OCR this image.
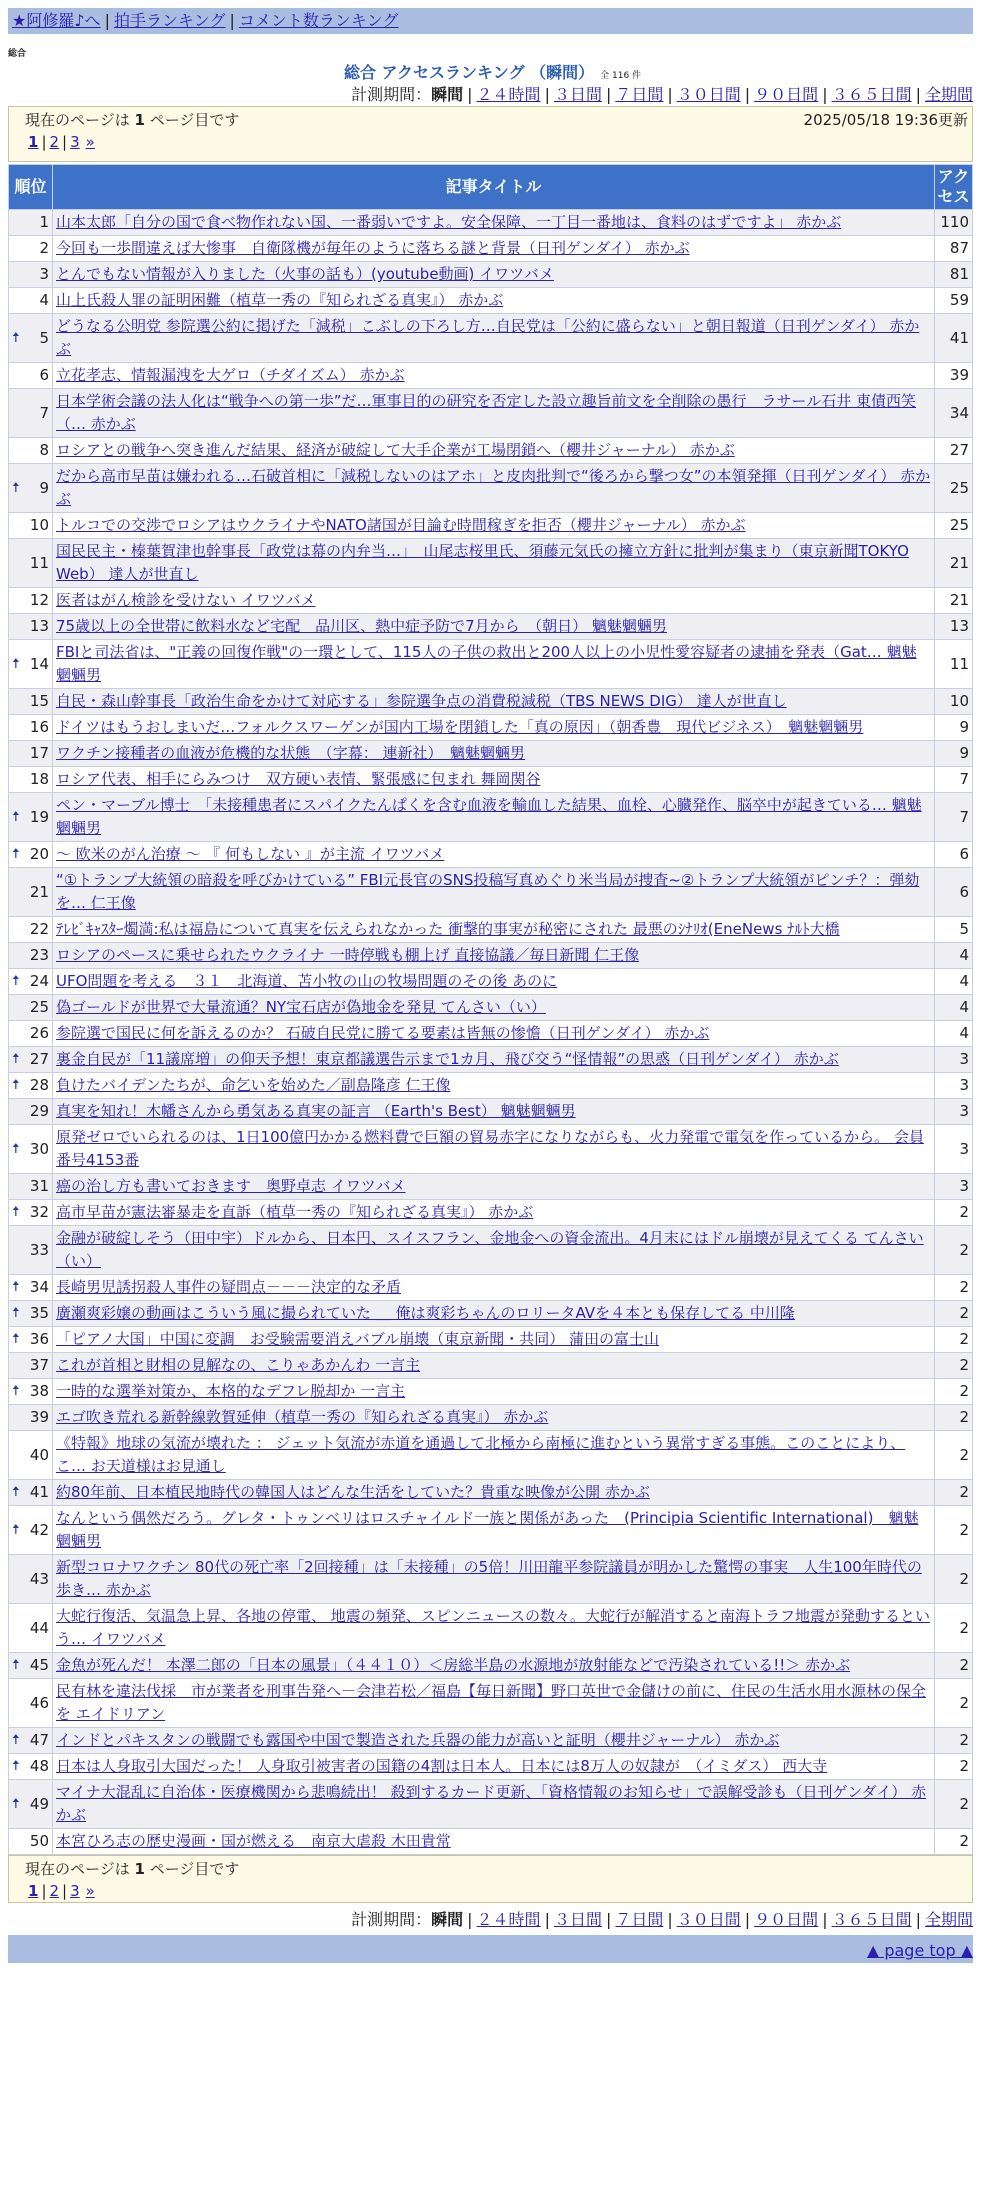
★阿修羅♪へ | 拍手ランキング | コメント数ランキング
総合
総合 アクセスランキング （瞬間） 全 116 件
計測期間：瞬間 | ２４時間 | ３日間 | ７日間 | ３０日間 | ９０日間 | ３６５日間 | 全期間
現在のページは 1 ページ目です	2025/05/18 19:36更新
1 | 2 | 3 »
順位	記事タイトル	アクセス
1	山本太郎「自分の国で食べ物作れない国、一番弱いですよ。安全保障、一丁目一番地は、食料のはずですよ」 赤かぶ	110
2	今回も一歩間違えば大惨事　自衛隊機が毎年のように落ちる謎と背景（日刊ゲンダイ） 赤かぶ	87
3	とんでもない情報が入りました（火事の話も）(youtube動画) イワツバメ	81
4	山上氏殺人罪の証明困難（植草一秀の『知られざる真実』） 赤かぶ	59

🠅 5	どうなる公明党 参院選公約に掲げた「減税」こぶしの下ろし方…自民党は「公約に盛らない」と朝日報道（日刊ゲンダイ） 赤かぶ	41
6	立花孝志、情報漏洩を大ゲロ（チダイズム） 赤かぶ	39
7	日本学術会議の法人化は“戦争への第一歩”だ…軍事目的の研究を否定した設立趣旨前文を全削除の愚行　ラサール石井 東債西笑（… 赤かぶ	34
8	ロシアとの戦争へ突き進んだ結果、経済が破綻して大手企業が工場閉鎖へ（櫻井ジャーナル） 赤かぶ	27

🠅 9	だから高市早苗は嫌われる…石破首相に「減税しないのはアホ」と皮肉批判で“後ろから撃つ女”の本領発揮（日刊ゲンダイ） 赤かぶ	25
10	トルコでの交渉でロシアはウクライナやNATO諸国が目論む時間稼ぎを拒否（櫻井ジャーナル） 赤かぶ	25
11	国民民主・榛葉賀津也幹事長「政党は幕の内弁当…」　山尾志桜里氏、須藤元気氏の擁立方針に批判が集まり（東京新聞TOKYO Web） 達人が世直し	21
12	医者はがん検診を受けない イワツバメ	21
13	75歳以上の全世帯に飲料水など宅配　品川区、熱中症予防で7月から　（朝日） 魑魅魍魎男	13

🠅 14	FBIと司法省は、"正義の回復作戦"の一環として、115人の子供の救出と200人以上の小児性愛容疑者の逮捕を発表（Gat… 魑魅魍魎男	11
15	自民・森山幹事長「政治生命をかけて対応する」参院選争点の消費税減税（TBS NEWS DIG） 達人が世直し	10
16	ドイツはもうおしまいだ…フォルクスワーゲンが国内工場を閉鎖した「真の原因」（朝香豊　現代ビジネス）　魑魅魍魎男	9
17	ワクチン接種者の血液が危機的な状態　（字幕： 連新社）　魑魅魍魎男	9
18	ロシア代表、相手にらみつけ　双方硬い表情、緊張感に包まれ 舞岡関谷	7

🠅 19	ペン・マーブル博士　「未接種患者にスパイクたんぱくを含む血液を輸血した結果、血栓、心臓発作、脳卒中が起きている… 魑魅魍魎男	7

🠅 20	～ 欧米のがん治療 ～ 『 何もしない 』が主流 イワツバメ	6
21	“①トランプ大統領の暗殺を呼びかけている” FBI元長官のSNS投稿写真めぐり米当局が捜査~②トランプ大統領がピンチ？：弾劾を… 仁王像	6
22	ﾃﾚﾋﾞｷｬｽﾀｰ燭満:私は福島について真実を伝えられなかった 衝撃的事実が秘密にされた 最悪のｼﾅﾘｵ(EneNews ﾅﾙﾄ大橋	5
23	ロシアのペースに乗せられたウクライナ 一時停戦も棚上げ 直接協議／毎日新聞 仁王像	4

🠅 24	UFO問題を考える　３１　北海道、苫小牧の山の牧場問題のその後 あのに	4
25	偽ゴールドが世界で大量流通？NY宝石店が偽地金を発見 てんさい（い）	4
26	参院選で国民に何を訴えるのか？ 石破自民党に勝てる要素は皆無の惨憺（日刊ゲンダイ） 赤かぶ	4

🠅 27	裏金自民が「11議席増」の仰天予想！東京都議選告示まで1カ月、飛び交う“怪情報”の思惑（日刊ゲンダイ） 赤かぶ	3

🠅 28	負けたバイデンたちが、命乞いを始めた／副島隆彦 仁王像	3
29	真実を知れ！木幡さんから勇気ある真実の証言 （Earth's Best） 魑魅魍魎男	3

🠅 30	原発ゼロでいられるのは、1日100億円かかる燃料費で巨額の貿易赤字になりながらも、火力発電で電気を作っているから。 会員番号4153番	3
31	癌の治し方も書いておきます　奥野卓志 イワツバメ	3

🠅 32	高市早苗が憲法審暴走を直訴（植草一秀の『知られざる真実』） 赤かぶ	2
33	金融が破綻しそう（田中宇）ドルから、日本円、スイスフラン、金地金への資金流出。4月末にはドル崩壊が見えてくる てんさい（い）	2

🠅 34	長崎男児誘拐殺人事件の疑問点－－－決定的な矛盾	2

🠅 35	廣瀬爽彩嬢の動画はこういう風に撮られていた ＿ 俺は爽彩ちゃんのロリータAVを４本とも保存してる 中川隆	2

🠅 36	「ピアノ大国」中国に変調　お受験需要消えバブル崩壊（東京新聞・共同） 蒲田の富士山	2
37	これが首相と財相の見解なの、こりゃあかんわ 一言主	2

🠅 38	一時的な選挙対策か、本格的なデフレ脱却か 一言主	2
39	エゴ吹き荒れる新幹線敦賀延伸（植草一秀の『知られざる真実』） 赤かぶ	2
40	《特報》地球の気流が壊れた ： ジェット気流が赤道を通過して北極から南極に進むという異常すぎる事態。このことにより、こ… お天道様はお見通し	2

🠅 41	約80年前、日本植民地時代の韓国人はどんな生活をしていた？貴重な映像が公開 赤かぶ	2

🠅 42	なんという偶然だろう。グレタ・トゥンベリはロスチャイルド一族と関係があった　(Principia Scientific International)　魑魅魍魎男	2
43	新型コロナワクチン 80代の死亡率「2回接種」は「未接種」の5倍！川田龍平参院議員が明かした驚愕の事実　人生100年時代の歩き… 赤かぶ	2
44	大蛇行復活、気温急上昇、各地の停電、 地震の頻発、スピンニュースの数々。大蛇行が解消すると南海トラフ地震が発動するという… イワツバメ	2

🠅 45	金魚が死んだ！ 本澤二郎の「日本の風景」（４４１０）＜房総半島の水源地が放射能などで汚染されている!!＞ 赤かぶ	2
46	民有林を違法伐採　市が業者を刑事告発へ－会津若松／福島【毎日新聞】野口英世で金儲けの前に、住民の生活水用水源林の保全を エイドリアン	2

🠅 47	インドとパキスタンの戦闘でも露国や中国で製造された兵器の能力が高いと証明（櫻井ジャーナル） 赤かぶ	2

🠅 48	日本は人身取引大国だった！ 人身取引被害者の国籍の4割は日本人。日本には8万人の奴隷が　（イミダス） 西大寺	2

🠅 49	マイナ大混乱に自治体・医療機関から悲鳴続出！ 殺到するカード更新、「資格情報のお知らせ」で誤解受診も（日刊ゲンダイ） 赤かぶ	2
50	本宮ひろ志の歴史漫画・国が燃える　南京大虐殺 木田貴常	2
現在のページは 1 ページ目です
1 | 2 | 3 »
計測期間：瞬間 | ２４時間 | ３日間 | ７日間 | ３０日間 | ９０日間 | ３６５日間 | 全期間
▲ page top ▲
